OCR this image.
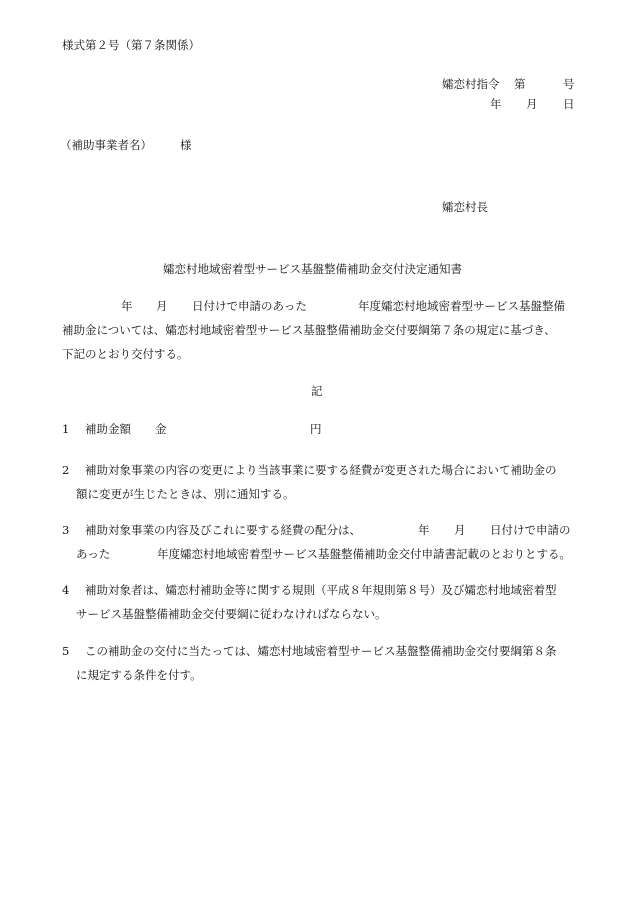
様式第２号（第７条関係）
孀恋村指令 第	号
年 月 日
（補助事業者名） 様
孀恋村長
孀恋村地域密着型サービス基盤整備補助金交付決定通知書
年 月 日付けで申請のあった	年度孀恋村地域密着型サービス基盤整備
補助金については、孀恋村地域密着型サービス基盤整備補助金交付要綱第７条の規定に基づき、
下記のとおり交付する。
記
1 補助金額 金	円
2 補助対象事業の内容の変更により当該事業に要する経費が変更された場合において補助金の
額に変更が生じたときは、別に通知する。
3 補助対象事業の内容及びこれに要する経費の配分は、	年 月 日付けで申請の
あった	年度孀恋村地域密着型サービス基盤整備補助金交付申請書記載のとおりとする。
4 補助対象者は、孀恋村補助金等に関する規則（平成８年規則第８号）及び孀恋村地域密着型
サービス基盤整備補助金交付要綱に従わなければならない。
5 この補助金の交付に当たっては、孀恋村地域密着型サービス基盤整備補助金交付要綱第８条
に規定する条件を付す。
